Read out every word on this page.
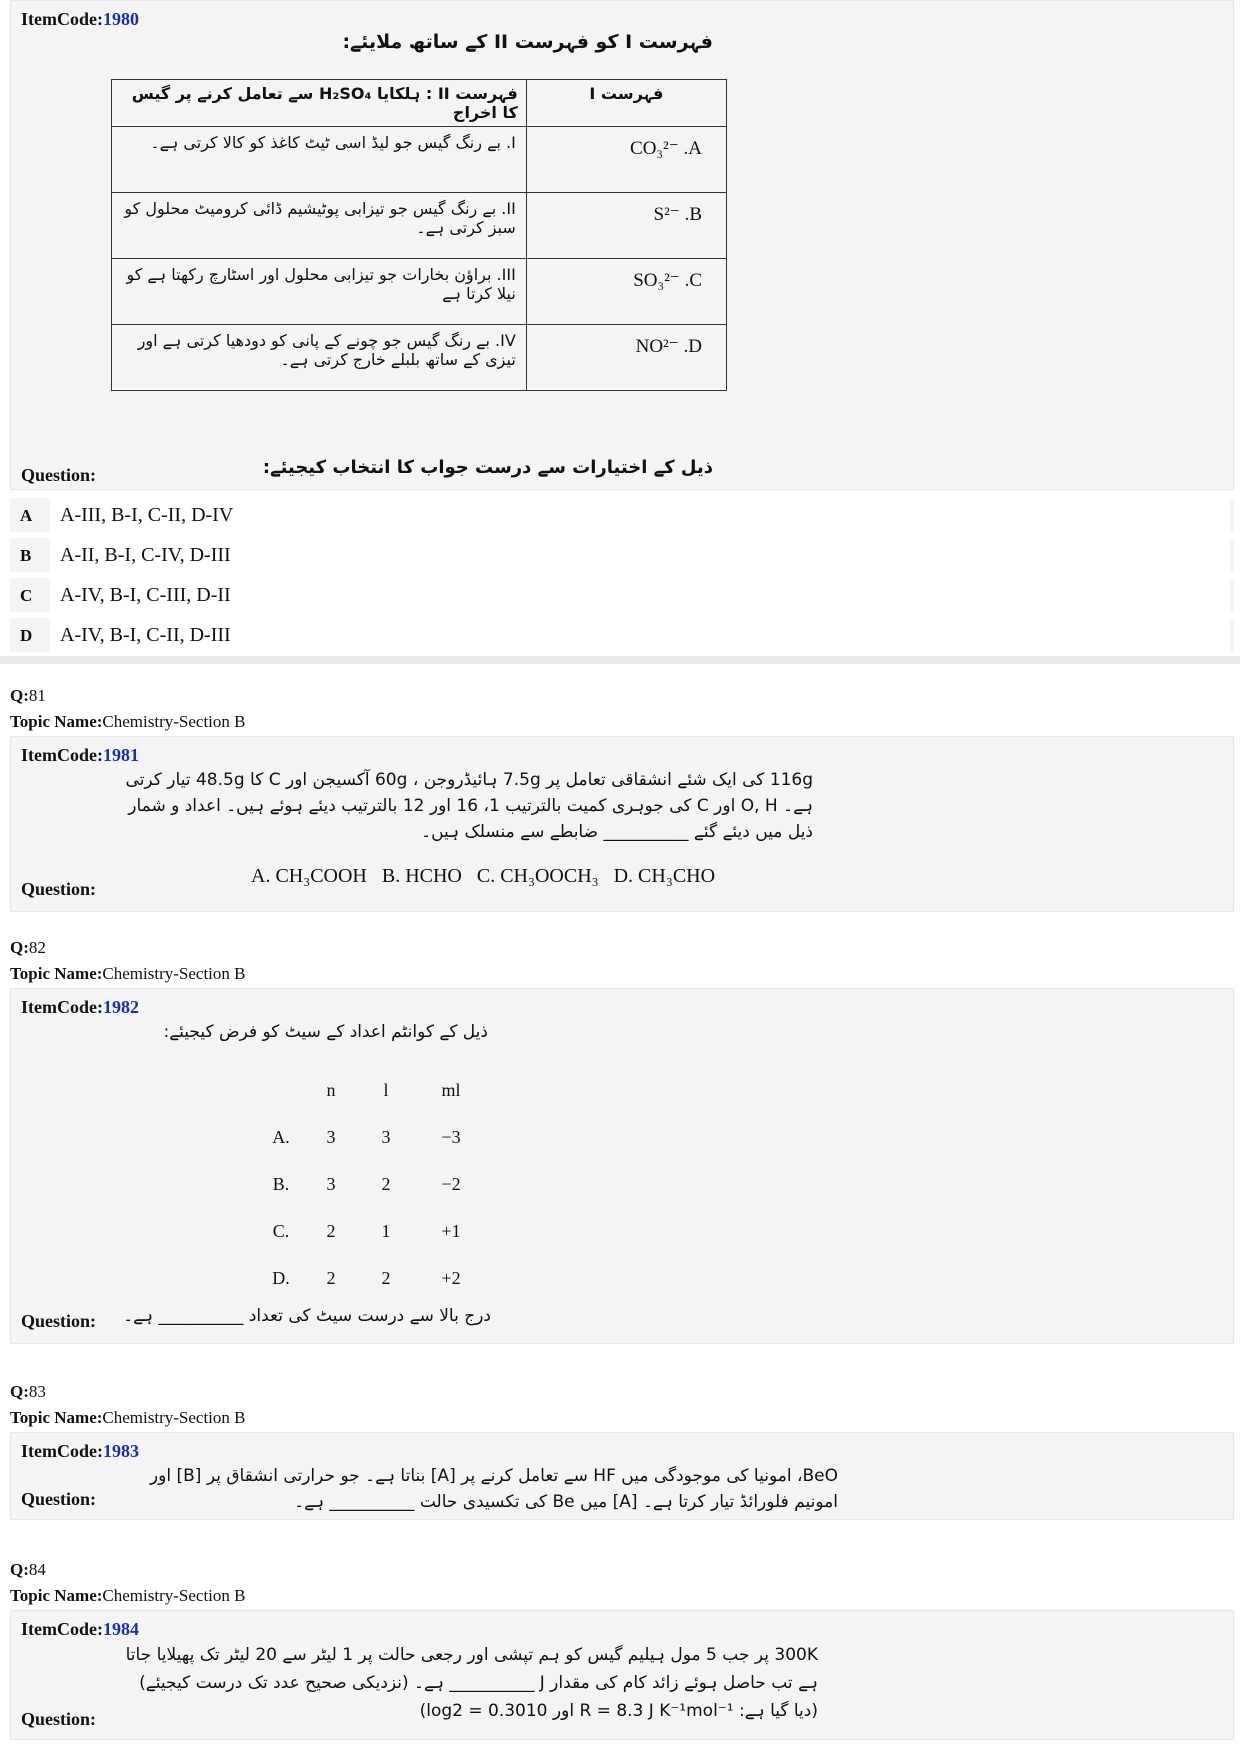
ItemCode:1980
فہرست I کو فہرست II کے ساتھ ملایئے:
فہرست II : ہلکایا H₂SO₄ سے تعامل کرنے پر گیس کا اخراج	فہرست I
I. بے رنگ گیس جو لیڈ اسی ٹیٹ کاغذ کو کالا کرتی ہے۔	CO₃²⁻ .A
II. بے رنگ گیس جو تیزابی پوٹیشیم ڈائی کرومیٹ محلول کو سبز کرتی ہے۔	S²⁻ .B
III. براؤن بخارات جو تیزابی محلول اور اسٹارچ رکھتا ہے کو نیلا کرتا ہے	SO₃²⁻ .C
IV. بے رنگ گیس جو چونے کے پانی کو دودھیا کرتی ہے اور تیزی کے ساتھ بلبلے خارج کرتی ہے۔	NO²⁻ .D
Question:	ذیل کے اختیارات سے درست جواب کا انتخاب کیجیئے:
A	A-III, B-I, C-II, D-IV
B	A-II, B-I, C-IV, D-III
C	A-IV, B-I, C-III, D-II
D	A-IV, B-I, C-II, D-III
Q:81
Topic Name:Chemistry-Section B
ItemCode:1981
116g کی ایک شئے انشقاقی تعامل پر 7.5g ہائیڈروجن ، 60g آکسیجن اور C کا 48.5g تیار کرتی
ہے۔ O, H اور C کی جوہری کمیت بالترتیب 1، 16 اور 12 بالترتیب دیئے ہوئے ہیں۔ اعداد و شمار
ذیل میں دیئے گئے __________ ضابطے سے منسلک ہیں۔
Question:
A. CH₃COOH   B. HCHO   C. CH₃OOCH₃   D. CH₃CHO
Q:82
Topic Name:Chemistry-Section B
ItemCode:1982
ذیل کے کوانٹم اعداد کے سیٹ کو فرض کیجیئے:
	n	l	ml
A.	3	3	−3
B.	3	2	−2
C.	2	1	+1
D.	2	2	+2
Question:	درج بالا سے درست سیٹ کی تعداد __________ ہے۔
Q:83
Topic Name:Chemistry-Section B
ItemCode:1983
BeO، امونیا کی موجودگی میں HF سے تعامل کرنے پر [A] بناتا ہے۔ جو حرارتی انشقاق پر [B] اور
امونیم فلورائڈ تیار کرتا ہے۔ [A] میں Be کی تکسیدی حالت __________ ہے۔
Question:
Q:84
Topic Name:Chemistry-Section B
ItemCode:1984
300K پر جب 5 مول ہیلیم گیس کو ہم تپشی اور رجعی حالت پر 1 لیٹر سے 20 لیٹر تک پھیلایا جاتا
ہے تب حاصل ہوئے زائد کام کی مقدار J __________ ہے۔ (نزدیکی صحیح عدد تک درست کیجیئے)
(دیا گیا ہے: R = 8.3 J K⁻¹mol⁻¹ اور log2 = 0.3010)
Question:
